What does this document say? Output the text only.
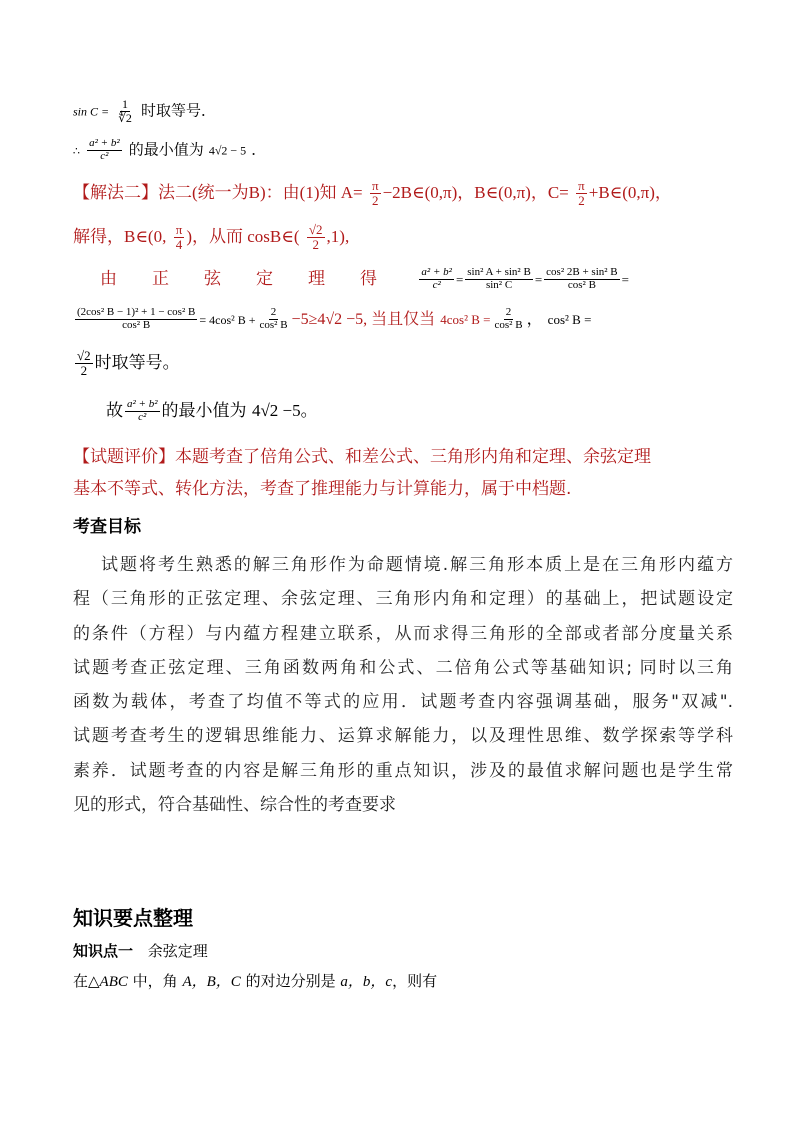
$\sin C = \frac{1}{∜2}$ 时取等号．
∴ $\frac{\text{a² + b²}}{\text{c²}}$ 的最小值为 4√2 − 5 ．
【解法二】法二(统一为B)：由(1)知 $A= \frac{\pi}{2}$ −2B∈(0,π)，B∈(0,π)，$C= \frac{\pi}{2}$ +B∈(0,π)，
解得，B∈(0, $\frac{\pi}{4}$ )，从而 cosB∈( $\frac{√2}{2} ,1$),
由正弦定理得 $\frac{\text{a² + b²}}{\text{c²}} = \frac{\text{sin² A + sin² B}}{\text{sin² C}} = \frac{\text{cos² 2B + sin² B}}{\text{cos² B}}$ =
$\frac{\text{(2cos² B − 1)² + 1 − cos² B}}{\text{cos² B}} = 4\cos^2$ $B + \frac{2}{\text{cos² B}} -5\ge 4√2 -5$, 当且仅当 4cos² $B = \frac{2}{\text{cos² B}}$ ， cos² B =
$\frac{√2}{2}$ 时取等号。
故 $\frac{\text{a² + b²}}{\text{c²}}$ 的最小值为 4√2 −5。
【试题评价】本题考查了倍角公式、和差公式、三角形内角和定理、余弦定理
基本不等式、转化方法，考查了推理能力与计算能力，属于中档题.
考查目标
试题将考生熟悉的解三角形作为命题情境.解三角形本质上是在三角形内蕴方
程（三角形的正弦定理、余弦定理、三角形内角和定理）的基础上，把试题设定
的条件（方程）与内蕴方程建立联系，从而求得三角形的全部或者部分度量关系
试题考查正弦定理、三角函数两角和公式、二倍角公式等基础知识; 同时以三角
函数为载体，考查了均值不等式的应用．试题考查内容强调基础，服务"双减".
试题考查考生的逻辑思维能力、运算求解能力，以及理性思维、数学探索等学科
素养．试题考查的内容是解三角形的重点知识，涉及的最值求解问题也是学生常
见的形式，符合基础性、综合性的考查要求
知识要点整理
知识点一 余弦定理
在△ABC 中，角 A，B，C 的对边分别是 a，b，c，则有
